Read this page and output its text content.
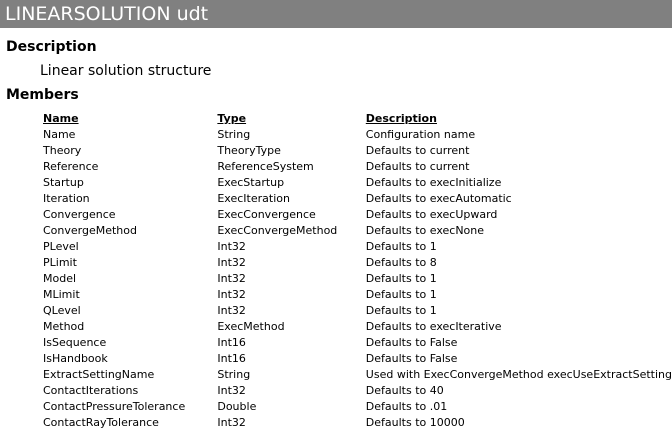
LINEARSOLUTION udt
Description
Linear solution structure
Members
Name	Type	Description
Name	String	Configuration name
Theory	TheoryType	Defaults to current
Reference	ReferenceSystem	Defaults to current
Startup	ExecStartup	Defaults to execInitialize
Iteration	ExecIteration	Defaults to execAutomatic
Convergence	ExecConvergence	Defaults to execUpward
ConvergeMethod	ExecConvergeMethod	Defaults to execNone
PLevel	Int32	Defaults to 1
PLimit	Int32	Defaults to 8
Model	Int32	Defaults to 1
MLimit	Int32	Defaults to 1
QLevel	Int32	Defaults to 1
Method	ExecMethod	Defaults to execIterative
IsSequence	Int16	Defaults to False
IsHandbook	Int16	Defaults to False
ExtractSettingName	String	Used with ExecConvergeMethod execUseExtractSetting
ContactIterations	Int32	Defaults to 40
ContactPressureTolerance	Double	Defaults to .01
ContactRayTolerance	Int32	Defaults to 10000
